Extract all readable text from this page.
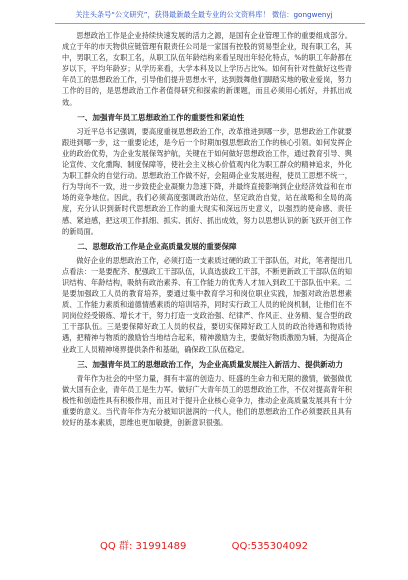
关注头条号“公文研究”，获得最新最全最专业的公文资料库！ 微信：gongwenyj

思想政治工作是企业持续快速发展的活力之源，是国有企业管理工作的重要组成部分。成立于年的市天物供应链管理有限责任公司是一家国有控股的贸易型企业，现有职工名，其中，男职工名，女职工名，从职工队伍年龄结构来看呈现出年轻化特点，%的职工年龄都在岁以下，平均年龄岁；从学历来看，大学本科及以上学历占比%。如何有针对性做好这些青年员工的思想政治工作，引导他们提升思想水平，达到鼓舞他们脚踏实地的敬业爱岗，努力工作的目的，是思想政治工作者值得研究和探索的新课题，而且必须用心抓好，并抓出成效。

一、加强青年员工思想政治工作的重要性和紧迫性

习近平总书记强调，要高度重视思想政治工作，改革推进到哪一步，思想政治工作就要跟进到哪一步，这一重要论述，是今后一个时期加强思想政治工作的核心引领。如何发挥企业的政治优势，为企业发展保驾护航，关键在于如何做好思想政治工作，通过教育引导、舆论宣传、文化熏陶、制度保障等，使社会主义核心价值观内化为职工群众的精神追求，外化为职工群众的自觉行动。思想政治工作做不好，会阻碍企业发展进程，使员工思想不统一，行为导向不一致，进一步致使企业凝聚力急速下降，并最终直接影响到企业经济效益和在市场的竞争地位。因此，我们必须高度强调政治站位，坚定政治自觉，站在战略和全局的高度，充分认识到新时代思想政治工作的重大现实和深远历史意义，以强烈的使命感、责任感、紧迫感，把这项工作抓细、抓实、抓好、抓出成效，努力以思想认识的新飞跃开创工作的新局面。

二、思想政治工作是企业高质量发展的重要保障

做好企业的思想政治工作，必须打造一支素质过硬的政工干部队伍，对此，笔者提出几点看法：一是要配齐、配强政工干部队伍，认真选拔政工干部，不断更新政工干部队伍的知识结构、年龄结构，吸纳有政治素养、有工作能力的优秀人才加入到政工干部队伍中来。二是要加强政工人员的教育培养，要通过集中教育学习和岗位职业实践，加强对政治思想素质、工作能力素质和道德情感素质的培训培养，同时实行政工人员的轮岗机制，让他们在不同岗位经受锻炼、增长才干，努力打造一支政治强、纪律严、作风正、业务精、复合型的政工干部队伍。三是要保障好政工人员的权益，要切实保障好政工人员的政治待遇和物质待遇，把精神与物质的激励恰当地结合起来，精神激励为主，要做好物质激励为辅，为提高企业政工人员精神境界提供条件和基础，确保政工队伍稳定。

三、加强青年员工的思想政治工作，为企业高质量发展注入新活力、提供新动力

青年作为社会的中坚力量，拥有丰富的创造力、旺盛的生命力和无限的激情，做强做优做大国有企业，青年员工是生力军。做好广大青年员工的思想政治工作，不仅对提高青年积极性和创造性具有积极作用，而且对于提升企业核心竞争力，推动企业高质量发展具有十分重要的意义。当代青年作为充分被知识滋润的一代人，他们的思想政治工作必须要跃且具有较好的基本素质，思维也更加敏捷，创新意识很强。

QQ 群: 31991489	QQ:535304092
